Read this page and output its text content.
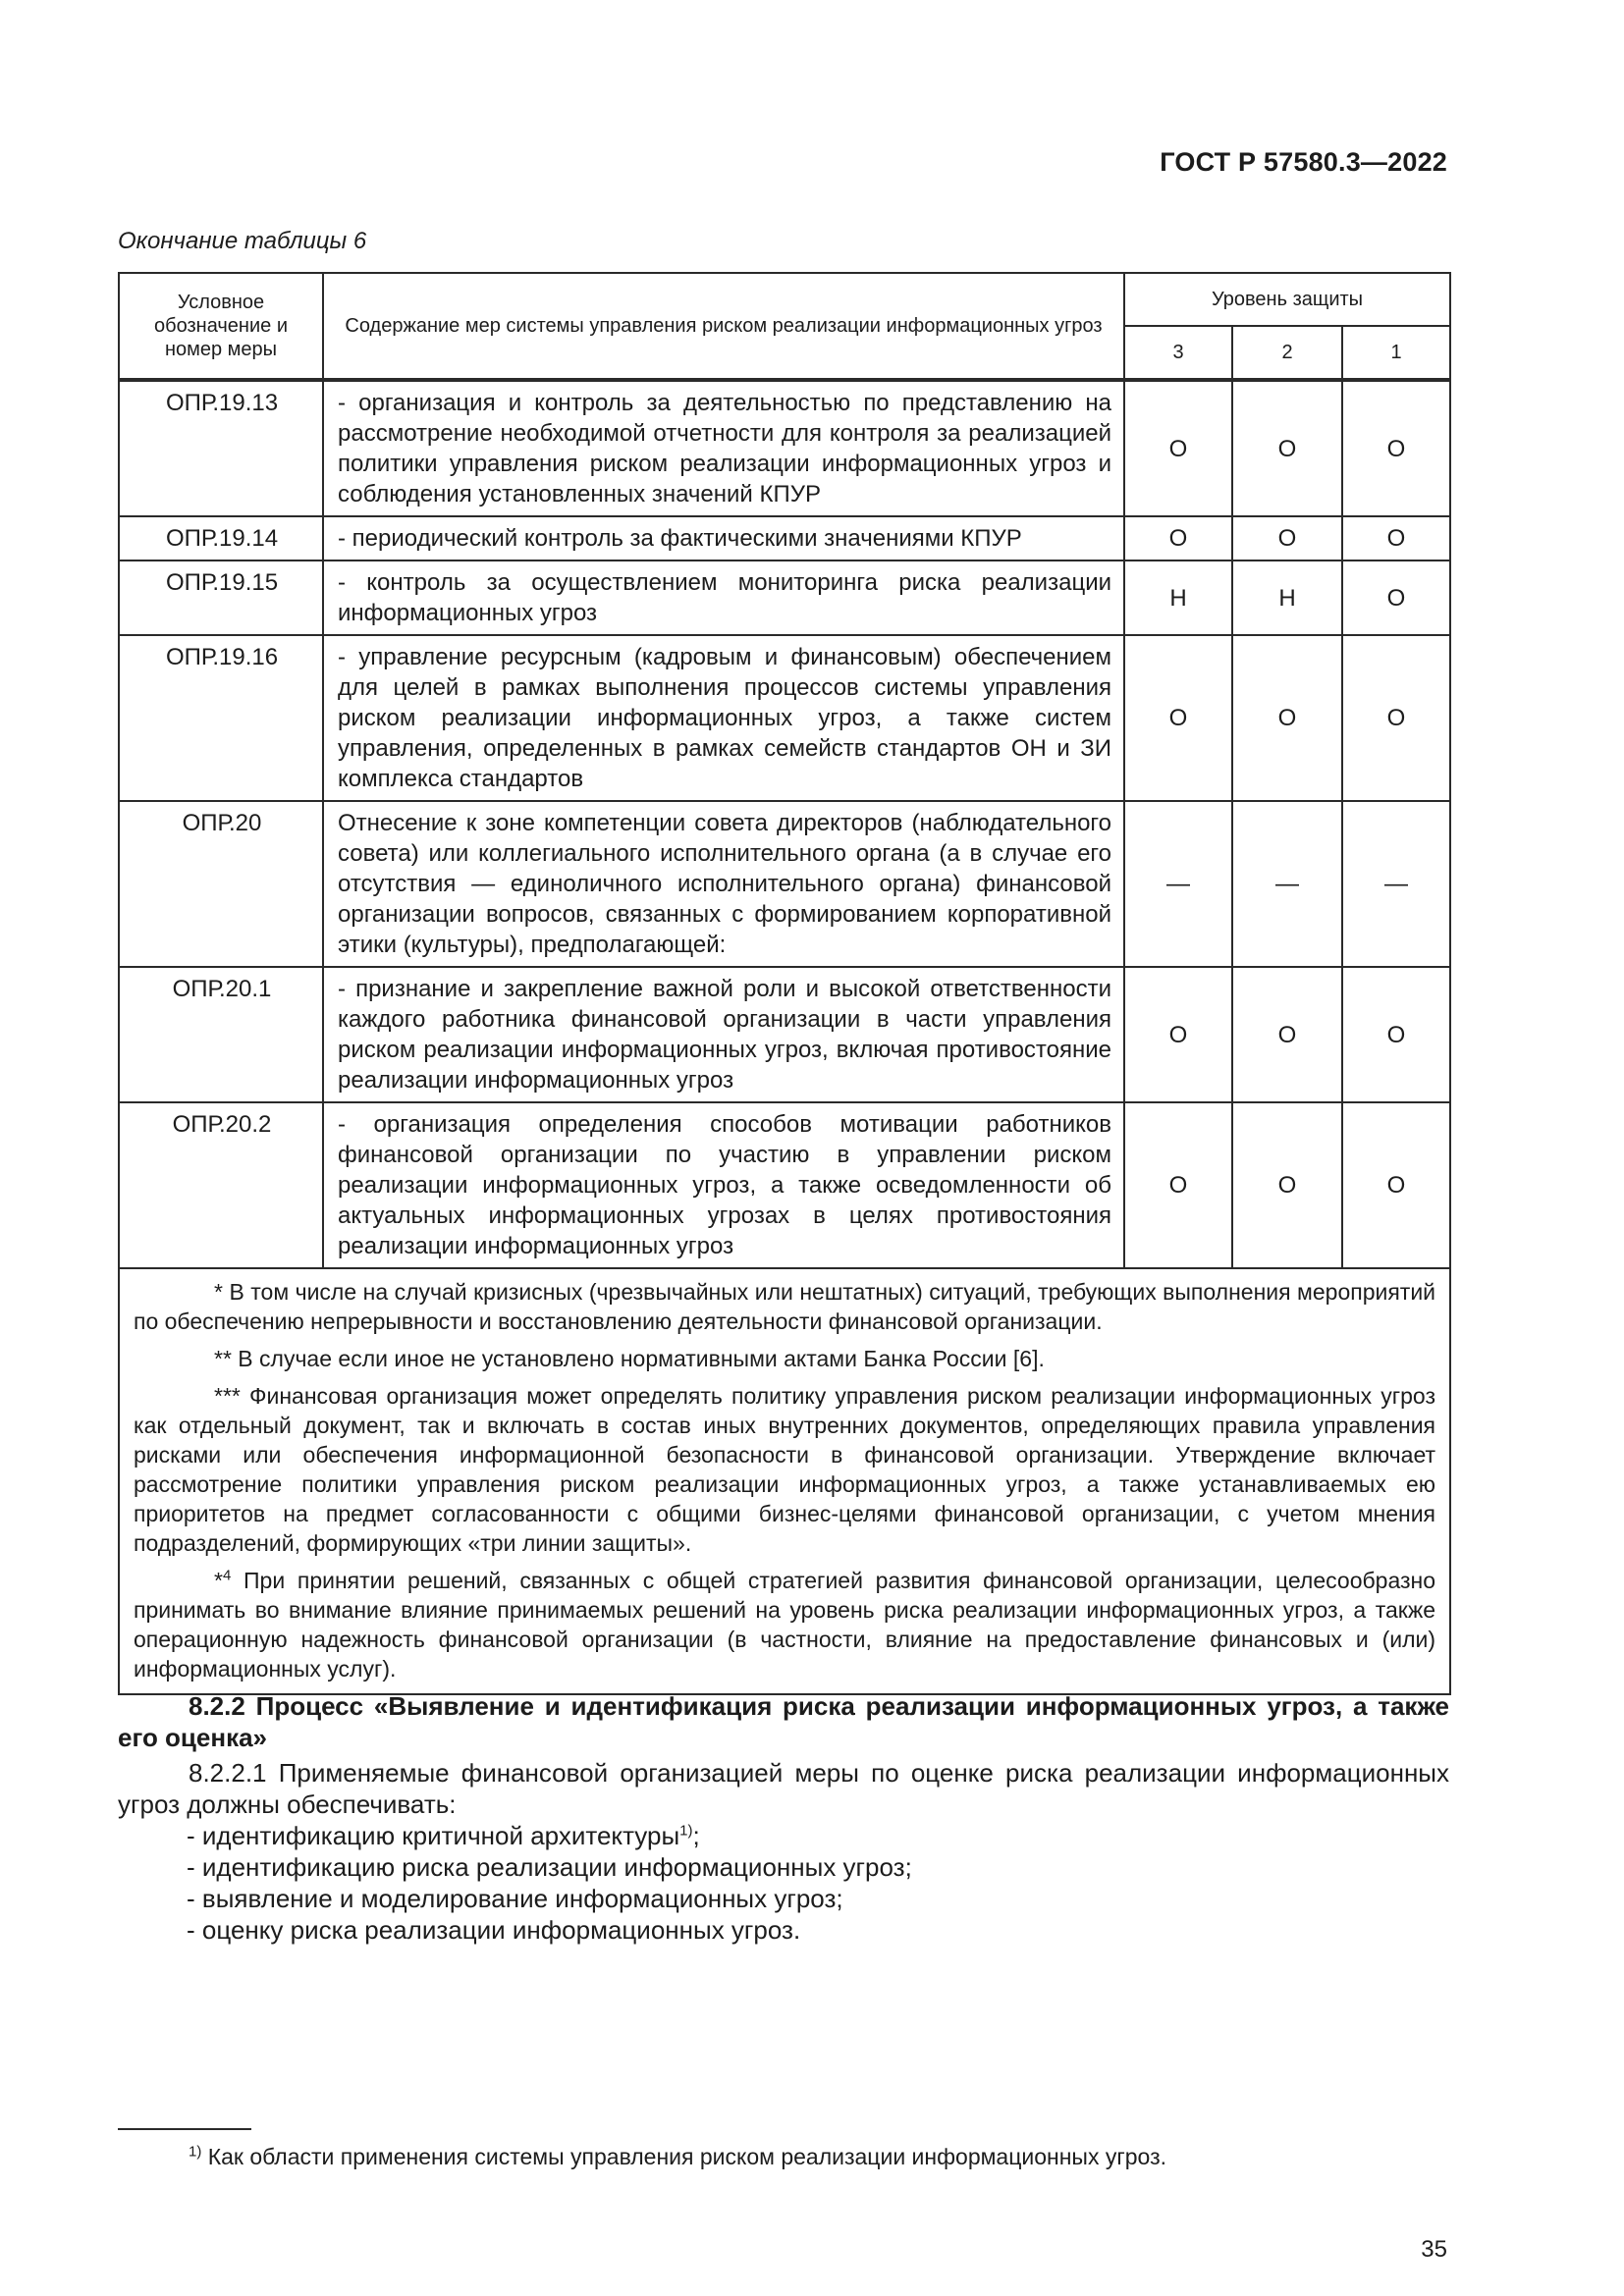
ГОСТ Р 57580.3—2022
Окончание таблицы 6
Условное обозначение и номер меры	Содержание мер системы управления риском реализации информационных угроз	Уровень защиты		
		3	2	1
ОПР.19.13	- организация и контроль за деятельностью по представлению на рассмотрение необходимой отчетности для контроля за реализацией политики управления риском реализации информационных угроз и соблюдения установленных значений КПУР	О	О	О
ОПР.19.14	- периодический контроль за фактическими значениями КПУР	О	О	О
ОПР.19.15	- контроль за осуществлением мониторинга риска реализации информационных угроз	Н	Н	О
ОПР.19.16	- управление ресурсным (кадровым и финансовым) обеспечением для целей в рамках выполнения процессов системы управления риском реализации информационных угроз, а также систем управления, определенных в рамках семейств стандартов ОН и ЗИ комплекса стандартов	О	О	О
ОПР.20	Отнесение к зоне компетенции совета директоров (наблюдательного совета) или коллегиального исполнительного органа (а в случае его отсутствия — единоличного исполнительного органа) финансовой организации вопросов, связанных с формированием корпоративной этики (культуры), предполагающей:	—	—	—
ОПР.20.1	- признание и закрепление важной роли и высокой ответственности каждого работника финансовой организации в части управления риском реализации информационных угроз, включая противостояние реализации информационных угроз	О	О	О
ОПР.20.2	- организация определения способов мотивации работников финансовой организации по участию в управлении риском реализации информационных угроз, а также осведомленности об актуальных информационных угрозах в целях противостояния реализации информационных угроз	О	О	О

* В том числе на случай кризисных (чрезвычайных или нештатных) ситуаций, требующих выполнения мероприятий по обеспечению непрерывности и восстановлению деятельности финансовой организации.

** В случае если иное не установлено нормативными актами Банка России [6].

*** Финансовая организация может определять политику управления риском реализации информационных угроз как отдельный документ, так и включать в состав иных внутренних документов, определяющих правила управления рисками или обеспечения информационной безопасности в финансовой организации. Утверждение включает рассмотрение политики управления риском реализации информационных угроз, а также устанавливаемых ею приоритетов на предмет согласованности с общими бизнес-целями финансовой организации, с учетом мнения подразделений, формирующих «три линии защиты».

*$^4$ При принятии решений, связанных с общей стратегией развития финансовой организации, целесообразно принимать во внимание влияние принимаемых решений на уровень риска реализации информационных угроз, а также операционную надежность финансовой организации (в частности, влияние на предоставление финансовых и (или) информационных услуг).				

8.2.2 Процесс «Выявление и идентификация риска реализации информационных угроз, а также его оценка»

8.2.2.1 Применяемые финансовой организацией меры по оценке риска реализации информационных угроз должны обеспечивать:

- идентификацию критичной архитектуры$^{1)}$;
- идентификацию риска реализации информационных угроз;
- выявление и моделирование информационных угроз;
- оценку риска реализации информационных угроз.
$^{1)}$ Как области применения системы управления риском реализации информационных угроз.
35
